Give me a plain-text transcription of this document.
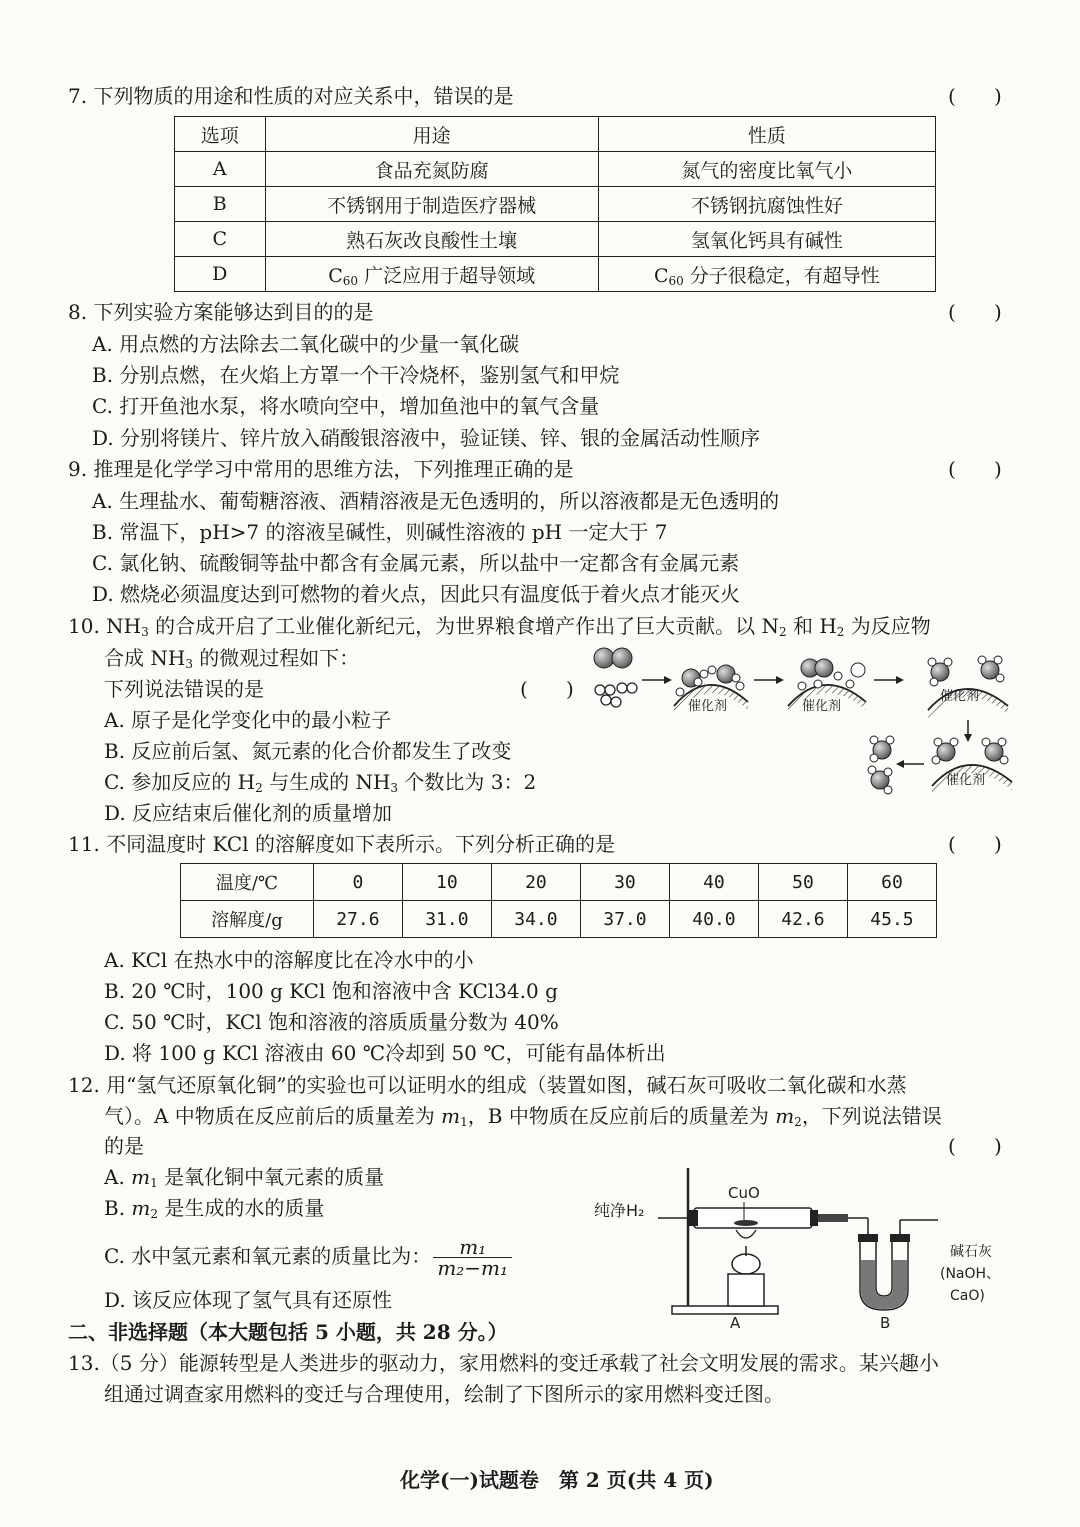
7. 下列物质的用途和性质的对应关系中，错误的是	(      )
选项	用途	性质
A	食品充氮防腐	氮气的密度比氧气小
B	不锈钢用于制造医疗器械	不锈钢抗腐蚀性好
C	熟石灰改良酸性土壤	氢氧化钙具有碱性
D	$C_{60}$ 广泛应用于超导领域	$C_{60}$ 分子很稳定，有超导性
8. 下列实验方案能够达到目的的是	(      )
A. 用点燃的方法除去二氧化碳中的少量一氧化碳
B. 分别点燃，在火焰上方罩一个干冷烧杯，鉴别氢气和甲烷
C. 打开鱼池水泵，将水喷向空中，增加鱼池中的氧气含量
D. 分别将镁片、锌片放入硝酸银溶液中，验证镁、锌、银的金属活动性顺序
9. 推理是化学学习中常用的思维方法，下列推理正确的是	(      )
A. 生理盐水、葡萄糖溶液、酒精溶液是无色透明的，所以溶液都是无色透明的
B. 常温下，pH>7 的溶液呈碱性，则碱性溶液的 pH 一定大于 7
C. 氯化钠、硫酸铜等盐中都含有金属元素，所以盐中一定都含有金属元素
D. 燃烧必须温度达到可燃物的着火点，因此只有温度低于着火点才能灭火
10. $NH_3$ 的合成开启了工业催化新纪元，为世界粮食增产作出了巨大贡献。以 $N_2$ 和 $H_2$ 为反应物
合成 $NH_3$ 的微观过程如下：
下列说法错误的是	(      )
A. 原子是化学变化中的最小粒子
B. 反应前后氢、氮元素的化合价都发生了改变
C. 参加反应的 $H_2$ 与生成的 $NH_3$ 个数比为 3：2
D. 反应结束后催化剂的质量增加
催化剂	催化剂
催化剂
催化剂
11. 不同温度时 KCl 的溶解度如下表所示。下列分析正确的是	(      )
温度/℃	0	10	20	30	40	50	60
溶解度/g	27.6	31.0	34.0	37.0	40.0	42.6	45.5
A. KCl 在热水中的溶解度比在冷水中的小
B. 20 ℃时，100 g KCl 饱和溶液中含 KCl34.0 g
C. 50 ℃时，KCl 饱和溶液的溶质质量分数为 40%
D. 将 100 g KCl 溶液由 60 ℃冷却到 50 ℃，可能有晶体析出
12. 用“氢气还原氧化铜”的实验也可以证明水的组成（装置如图，碱石灰可吸收二氧化碳和水蒸
气）。A 中物质在反应前后的质量差为 $m_1$，B 中物质在反应前后的质量差为 $m_2$，下列说法错误
的是	(      )
A. $m_1$ 是氧化铜中氧元素的质量
B. $m_2$ 是生成的水的质量
C. 水中氢元素和氧元素的质量比为： $\frac{\text{m₁}}{\text{m₂−m₁}}$
D. 该反应体现了氢气具有还原性
纯净H₂
CuO
A	B
碱石灰
(NaOH、
CaO)
二、非选择题（本大题包括 5 小题，共 28 分。）
13.（5 分）能源转型是人类进步的驱动力，家用燃料的变迁承载了社会文明发展的需求。某兴趣小
组通过调查家用燃料的变迁与合理使用，绘制了下图所示的家用燃料变迁图。
化学(一)试题卷　第 2 页(共 4 页)
